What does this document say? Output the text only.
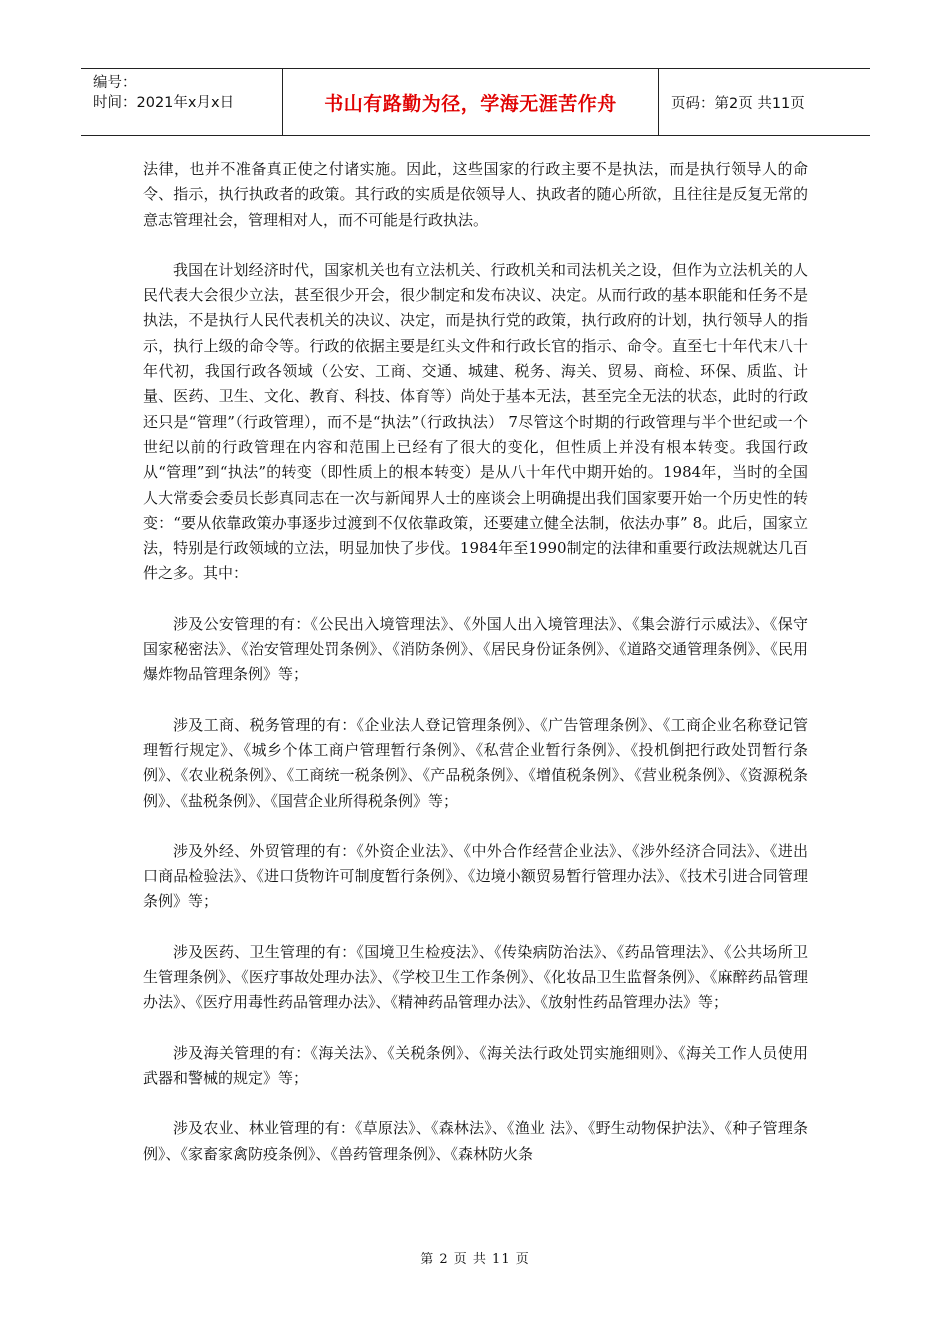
编号：
时间：2021年x月x日	书山有路勤为径，学海无涯苦作舟	页码：第2页 共11页

法律，也并不准备真正使之付诸实施。因此，这些国家的行政主要不是执法，而是执行领导人的命令、指示，执行执政者的政策。其行政的实质是依领导人、执政者的随心所欲，且往往是反复无常的意志管理社会，管理相对人，而不可能是行政执法。

我国在计划经济时代，国家机关也有立法机关、行政机关和司法机关之设，但作为立法机关的人民代表大会很少立法，甚至很少开会，很少制定和发布决议、决定。从而行政的基本职能和任务不是执法，不是执行人民代表机关的决议、决定，而是执行党的政策，执行政府的计划，执行领导人的指示，执行上级的命令等。行政的依据主要是红头文件和行政长官的指示、命令。直至七十年代末八十年代初，我国行政各领域（公安、工商、交通、城建、税务、海关、贸易、商检、环保、质监、计量、医药、卫生、文化、教育、科技、体育等）尚处于基本无法，甚至完全无法的状态，此时的行政还只是“管理”（行政管理），而不是“执法”（行政执法） 7尽管这个时期的行政管理与半个世纪或一个世纪以前的行政管理在内容和范围上已经有了很大的变化，但性质上并没有根本转变。我国行政从“管理”到“执法”的转变（即性质上的根本转变）是从八十年代中期开始的。1984年，当时的全国人大常委会委员长彭真同志在一次与新闻界人士的座谈会上明确提出我们国家要开始一个历史性的转变：“要从依靠政策办事逐步过渡到不仅依靠政策，还要建立健全法制，依法办事” 8。此后，国家立法，特别是行政领域的立法，明显加快了步伐。1984年至1990制定的法律和重要行政法规就达几百件之多。其中：

涉及公安管理的有：《公民出入境管理法》、《外国人出入境管理法》、《集会游行示威法》、《保守国家秘密法》、《治安管理处罚条例》、《消防条例》、《居民身份证条例》、《道路交通管理条例》、《民用爆炸物品管理条例》等；

涉及工商、税务管理的有：《企业法人登记管理条例》、《广告管理条例》、《工商企业名称登记管理暂行规定》、《城乡个体工商户管理暂行条例》、《私营企业暂行条例》、《投机倒把行政处罚暂行条例》、《农业税条例》、《工商统一税条例》、《产品税条例》、《增值税条例》、《营业税条例》、《资源税条例》、《盐税条例》、《国营企业所得税条例》等；

涉及外经、外贸管理的有：《外资企业法》、《中外合作经营企业法》、《涉外经济合同法》、《进出口商品检验法》、《进口货物许可制度暂行条例》、《边境小额贸易暂行管理办法》、《技术引进合同管理条例》等；

涉及医药、卫生管理的有：《国境卫生检疫法》、《传染病防治法》、《药品管理法》、《公共场所卫生管理条例》、《医疗事故处理办法》、《学校卫生工作条例》、《化妆品卫生监督条例》、《麻醉药品管理办法》、《医疗用毒性药品管理办法》、《精神药品管理办法》、《放射性药品管理办法》等；

涉及海关管理的有：《海关法》、《关税条例》、《海关法行政处罚实施细则》、《海关工作人员使用武器和警械的规定》等；

涉及农业、林业管理的有：《草原法》、《森林法》、《渔业 法》、《野生动物保护法》、《种子管理条例》、《家畜家禽防疫条例》、《兽药管理条例》、《森林防火条

第 2 页 共 11 页
